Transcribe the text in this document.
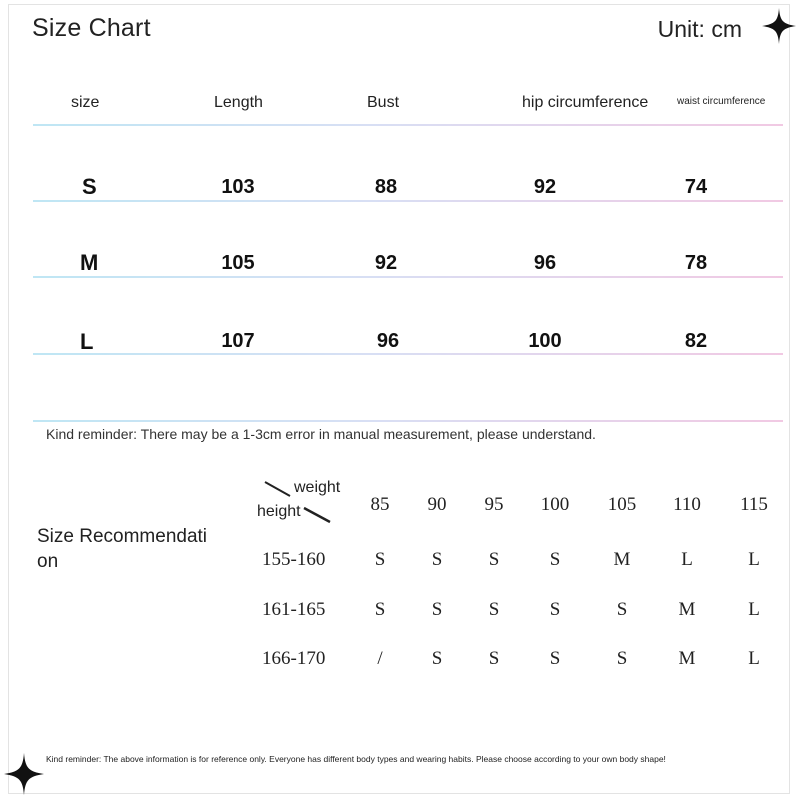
Size Chart	Unit: cm
size	Length	Bust	hip circumference	waist circumference
S	103	88	92	74
M	105	92	96	78
L	107	96	100	82
Kind reminder: There may be a 1-3cm error in manual measurement, please understand.
Size Recommendati
on
weight
height	85	90	95	100	105	110	115
155-160	S	S	S	S	M	L	L
161-165	S	S	S	S	S	M	L
166-170	/	S	S	S	S	M	L
Kind reminder: The above information is for reference only. Everyone has different body types and wearing habits. Please choose according to your own body shape!
